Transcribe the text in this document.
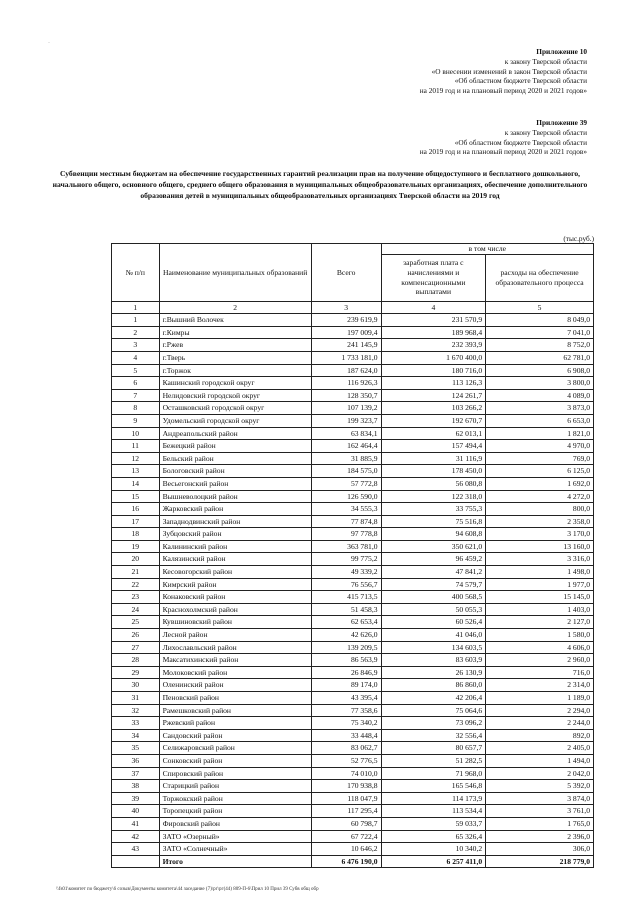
–
Приложение 10
к закону Тверской области
«О внесении изменений в закон Тверской области
«Об областном бюджете Тверской области
на 2019 год и на плановый период 2020 и 2021 годов»
Приложение 39
к закону Тверской области
«Об областном бюджете Тверской области
на 2019 год и на плановый период 2020 и 2021 годов»
Субвенции местным бюджетам на обеспечение государственных гарантий реализации прав на получение общедоступного и бесплатного дошкольного, начального общего, основного общего, среднего общего образования в муниципальных общеобразовательных организациях, обеспечение дополнительного образования детей в муниципальных общеобразовательных организациях Тверской области на 2019 год
(тыс.руб.)
№ п/п	Наименование муниципальных образований	Всего	в том числе	
			заработная плата с начислениями и компенсационными выплатами	расходы на обеспечение образовательного процесса
1	2	3	4	5
1	г.Вышний Волочек	239 619,9	231 570,9	8 049,0
2	г.Кимры	197 009,4	189 968,4	7 041,0
3	г.Ржев	241 145,9	232 393,9	8 752,0
4	г.Тверь	1 733 181,0	1 670 400,0	62 781,0
5	г.Торжок	187 624,0	180 716,0	6 908,0
6	Кашинский городской округ	116 926,3	113 126,3	3 800,0
7	Нелидовский городской округ	128 350,7	124 261,7	4 089,0
8	Осташковский городской округ	107 139,2	103 266,2	3 873,0
9	Удомельский городской округ	199 323,7	192 670,7	6 653,0
10	Андреапольский район	63 834,1	62 013,1	1 821,0
11	Бежецкий район	162 464,4	157 494,4	4 970,0
12	Бельский район	31 885,9	31 116,9	769,0
13	Бологовский район	184 575,0	178 450,0	6 125,0
14	Весьегонский район	57 772,8	56 080,8	1 692,0
15	Вышневолоцкий район	126 590,0	122 318,0	4 272,0
16	Жарковский район	34 555,3	33 755,3	800,0
17	Западнодвинский район	77 874,8	75 516,8	2 358,0
18	Зубцовский район	97 778,8	94 608,8	3 170,0
19	Калининский район	363 781,0	350 621,0	13 160,0
20	Калязинский район	99 775,2	96 459,2	3 316,0
21	Кесовогорский район	49 339,2	47 841,2	1 498,0
22	Кимрский район	76 556,7	74 579,7	1 977,0
23	Конаковский район	415 713,5	400 568,5	15 145,0
24	Краснохолмский район	51 458,3	50 055,3	1 403,0
25	Кувшиновский район	62 653,4	60 526,4	2 127,0
26	Лесной район	42 626,0	41 046,0	1 580,0
27	Лихославльский район	139 209,5	134 603,5	4 606,0
28	Максатихинский район	86 563,9	83 603,9	2 960,0
29	Молоковский район	26 846,9	26 130,9	716,0
30	Оленинский район	89 174,0	86 860,0	2 314,0
31	Пеновский район	43 395,4	42 206,4	1 189,0
32	Рамешковский район	77 358,6	75 064,6	2 294,0
33	Ржевский район	75 340,2	73 096,2	2 244,0
34	Сандовский район	33 448,4	32 556,4	892,0
35	Селижаровский район	83 062,7	80 657,7	2 405,0
36	Сонковский район	52 776,5	51 282,5	1 494,0
37	Спировский район	74 010,0	71 968,0	2 042,0
38	Старицкий район	170 938,8	165 546,8	5 392,0
39	Торжокский район	118 047,9	114 173,9	3 874,0
40	Торопецкий район	117 295,4	113 534,4	3 761,0
41	Фировский район	60 798,7	59 033,7	1 765,0
42	ЗАТО «Озерный»	67 722,4	65 326,4	2 396,0
43	ЗАТО «Солнечный»	10 646,2	10 340,2	306,0
	Итого	6 476 190,0	6 257 411,0	218 779,0
\\fs01\комитет по бюджету\6 созыв\Документы комитета\44 заседание (7)\рг\рг(44) 809-П-6\Прил 10 Прил 39 Субв общ обр
